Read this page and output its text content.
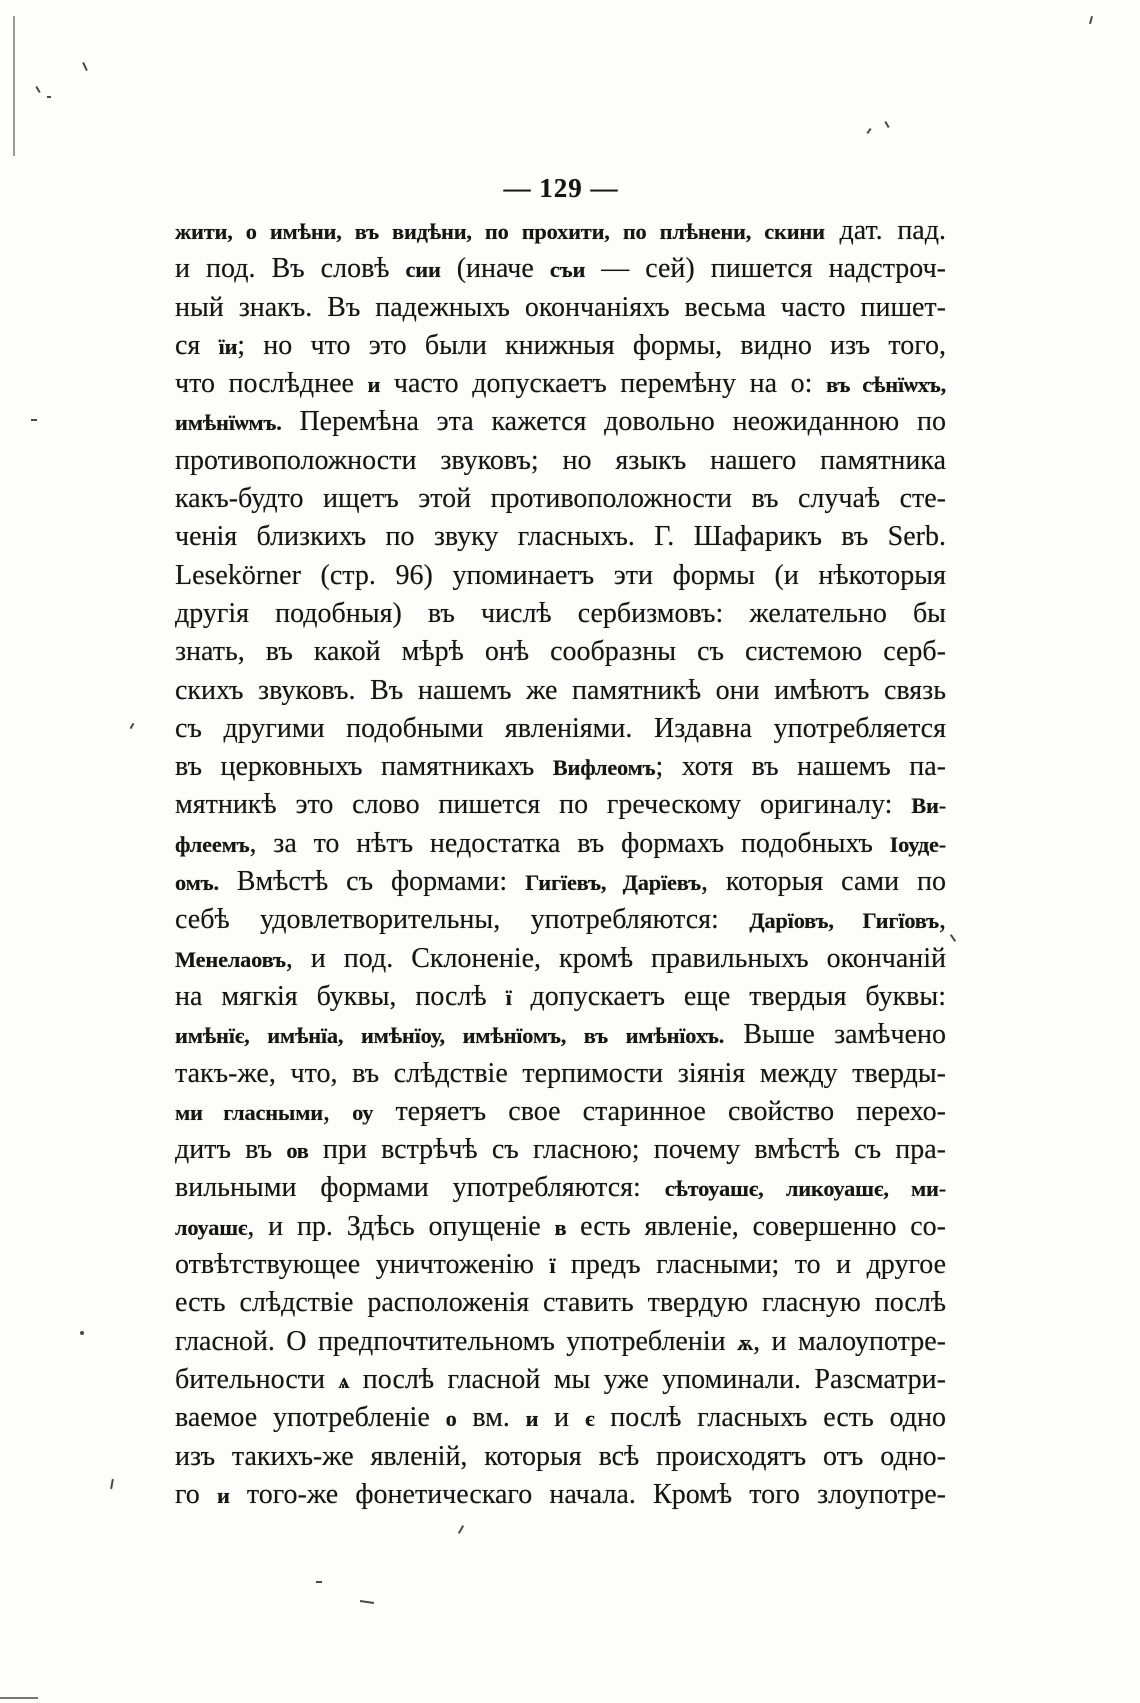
— 129 —
жити, о имѣни, въ видѣни, по прохити, по плѣнени, скини дат. пад.
и под. Въ словѣ сии (иначе съи — сей) пишется надстроч-
ный знакъ. Въ падежныхъ окончаніяхъ весьма часто пишет-
ся їи; но что это были книжныя формы, видно изъ того,
что послѣднее и часто допускаетъ перемѣну на о: въ сѣнїѡхъ,
имѣнїѡмъ. Перемѣна эта кажется довольно неожиданною по
противоположности звуковъ; но языкъ нашего памятника
какъ-будто ищетъ этой противоположности въ случаѣ сте-
ченія близкихъ по звуку гласныхъ. Г. Шафарикъ въ Serb.
Lesekörner (стр. 96) упоминаетъ эти формы (и нѣкоторыя
другія подобныя) въ числѣ сербизмовъ: желательно бы
знать, въ какой мѣрѣ онѣ сообразны съ системою серб-
скихъ звуковъ. Въ нашемъ же памятникѣ они имѣютъ связь
съ другими подобными явленіями. Издавна употребляется
въ церковныхъ памятникахъ Вифлеомъ; хотя въ нашемъ па-
мятникѣ это слово пишется по греческому оригиналу: Ви-
флеемъ, за то нѣтъ недостатка въ формахъ подобныхъ Іоуде-
омъ. Вмѣстѣ съ формами: Гигїевъ, Дарїевъ, которыя сами по
себѣ удовлетворительны, употребляются: Дарїовъ, Гигїовъ,
Менелаовъ, и под. Склоненіе, кромѣ правильныхъ окончаній
на мягкія буквы, послѣ ї допускаетъ еще твердыя буквы:
имѣнїє, имѣнїа, имѣнїоу, имѣнїомъ, въ имѣнїохъ. Выше замѣчено
такъ-же, что, въ слѣдствіе терпимости зіянія между тверды-
ми гласными, оу теряетъ свое старинное свойство перехо-
дитъ въ ов при встрѣчѣ съ гласною; почему вмѣстѣ съ пра-
вильными формами употребляются: сѣтоуашє, ликоуашє, ми-
лоуашє, и пр. Здѣсь опущеніе в есть явленіе, совершенно со-
отвѣтствующее уничтоженію ї предъ гласными; то и другое
есть слѣдствіе расположенія ставить твердую гласную послѣ
гласной. О предпочтительномъ употребленіи ѫ, и малоупотре-
бительности ѧ послѣ гласной мы уже упоминали. Разсматри-
ваемое употребленіе о вм. и и є послѣ гласныхъ есть одно
изъ такихъ-же явленій, которыя всѣ происходятъ отъ одно-
го и того-же фонетическаго начала. Кромѣ того злоупотре-
